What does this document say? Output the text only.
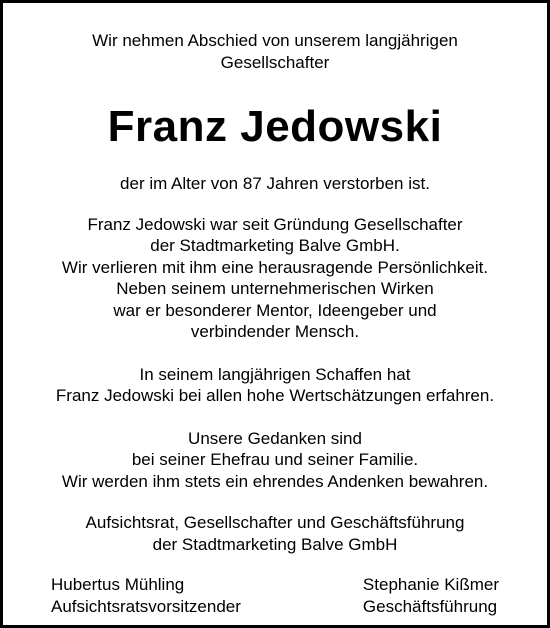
Wir nehmen Abschied von unserem langjährigen
Gesellschafter

Franz Jedowski

der im Alter von 87 Jahren verstorben ist.

Franz Jedowski war seit Gründung Gesellschafter
der Stadtmarketing Balve GmbH.
Wir verlieren mit ihm eine herausragende Persönlichkeit.
Neben seinem unternehmerischen Wirken
war er besonderer Mentor, Ideengeber und
verbindender Mensch.

In seinem langjährigen Schaffen hat
Franz Jedowski bei allen hohe Wertschätzungen erfahren.

Unsere Gedanken sind
bei seiner Ehefrau und seiner Familie.
Wir werden ihm stets ein ehrendes Andenken bewahren.

Aufsichtsrat, Gesellschafter und Geschäftsführung
der Stadtmarketing Balve GmbH

Hubertus Mühling
Aufsichtsratsvorsitzender
Stephanie Kißmer
Geschäftsführung
